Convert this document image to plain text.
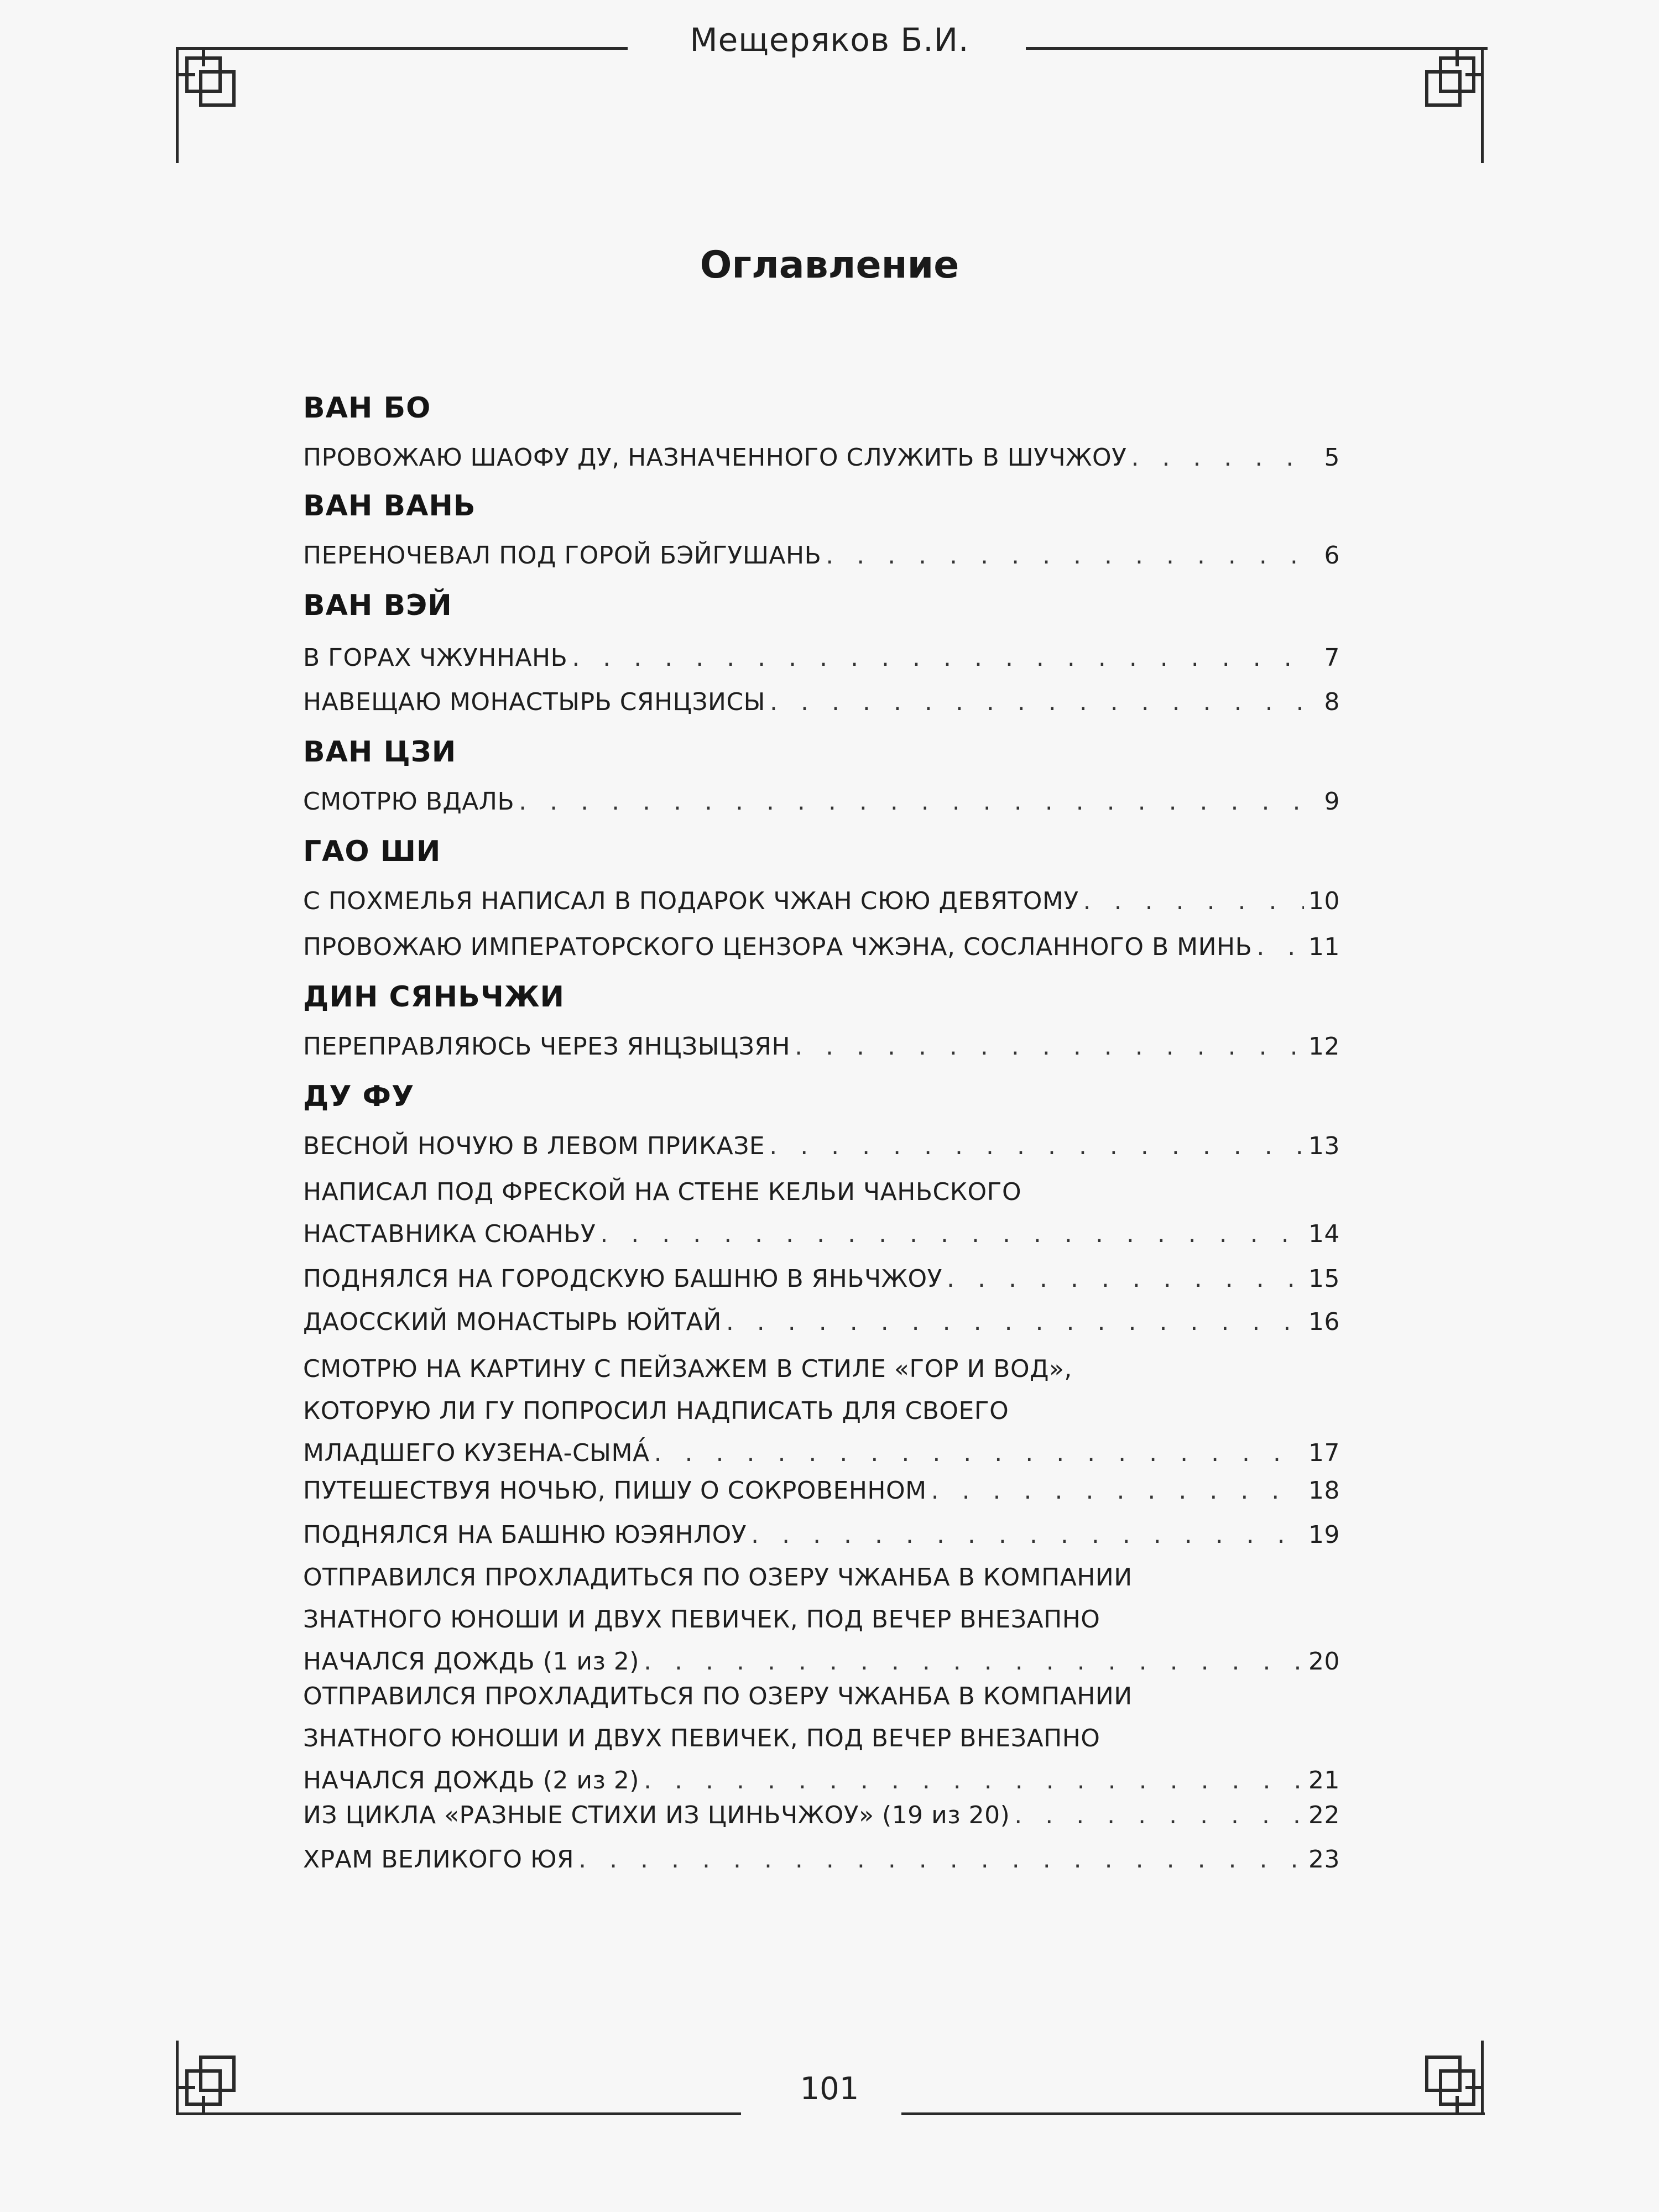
Мещеряков Б.И.
Оглавление
ВАН БО
ПРОВОЖАЮ ШАОФУ ДУ, НАЗНАЧЕННОГО СЛУЖИТЬ В ШУЧЖОУ . . .	5
ВАН ВАНЬ
ПЕРЕНОЧЕВАЛ ПОД ГОРОЙ БЭЙГУШАНЬ . . .	6
ВАН ВЭЙ
В ГОРАХ ЧЖУННАНЬ . . .	7
НАВЕЩАЮ МОНАСТЫРЬ СЯНЦЗИСЫ . . .	8
ВАН ЦЗИ
СМОТРЮ ВДАЛЬ . . .	9
ГАО ШИ
С ПОХМЕЛЬЯ НАПИСАЛ В ПОДАРОК ЧЖАН СЮЮ ДЕВЯТОМУ . . .	10
ПРОВОЖАЮ ИМПЕРАТОРСКОГО ЦЕНЗОРА ЧЖЭНА, СОСЛАННОГО В МИНЬ . . . 11
ДИН СЯНЬЧЖИ
ПЕРЕПРАВЛЯЮСЬ ЧЕРЕЗ ЯНЦЗЫЦЗЯН . . .	12
ДУ ФУ
ВЕСНОЙ НОЧУЮ В ЛЕВОМ ПРИКАЗЕ . . .	13
НАПИСАЛ ПОД ФРЕСКОЙ НА СТЕНЕ КЕЛЬИ ЧАНЬСКОГО
НАСТАВНИКА СЮАНЬУ . . .	14
ПОДНЯЛСЯ НА ГОРОДСКУЮ БАШНЮ В ЯНЬЧЖОУ . . .	15
ДАОССКИЙ МОНАСТЫРЬ ЮЙТАЙ . . .	16
СМОТРЮ НА КАРТИНУ С ПЕЙЗАЖЕМ В СТИЛЕ «ГОР И ВОД»,
КОТОРУЮ ЛИ ГУ ПОПРОСИЛ НАДПИСАТЬ ДЛЯ СВОЕГО
МЛАДШЕГО КУЗЕНА-СЫМА́ . . .	17
ПУТЕШЕСТВУЯ НОЧЬЮ, ПИШУ О СОКРОВЕННОМ . . .	18
ПОДНЯЛСЯ НА БАШНЮ ЮЭЯНЛОУ . . .	19
ОТПРАВИЛСЯ ПРОХЛАДИТЬСЯ ПО ОЗЕРУ ЧЖАНБА В КОМПАНИИ
ЗНАТНОГО ЮНОШИ И ДВУХ ПЕВИЧЕК, ПОД ВЕЧЕР ВНЕЗАПНО
НАЧАЛСЯ ДОЖДЬ (1 из 2) . . .	20
ОТПРАВИЛСЯ ПРОХЛАДИТЬСЯ ПО ОЗЕРУ ЧЖАНБА В КОМПАНИИ
ЗНАТНОГО ЮНОШИ И ДВУХ ПЕВИЧЕК, ПОД ВЕЧЕР ВНЕЗАПНО
НАЧАЛСЯ ДОЖДЬ (2 из 2) . . .	21
ИЗ ЦИКЛА «РАЗНЫЕ СТИХИ ИЗ ЦИНЬЧЖОУ» (19 из 20) . . .	22
ХРАМ ВЕЛИКОГО ЮЯ . . .	23
101
